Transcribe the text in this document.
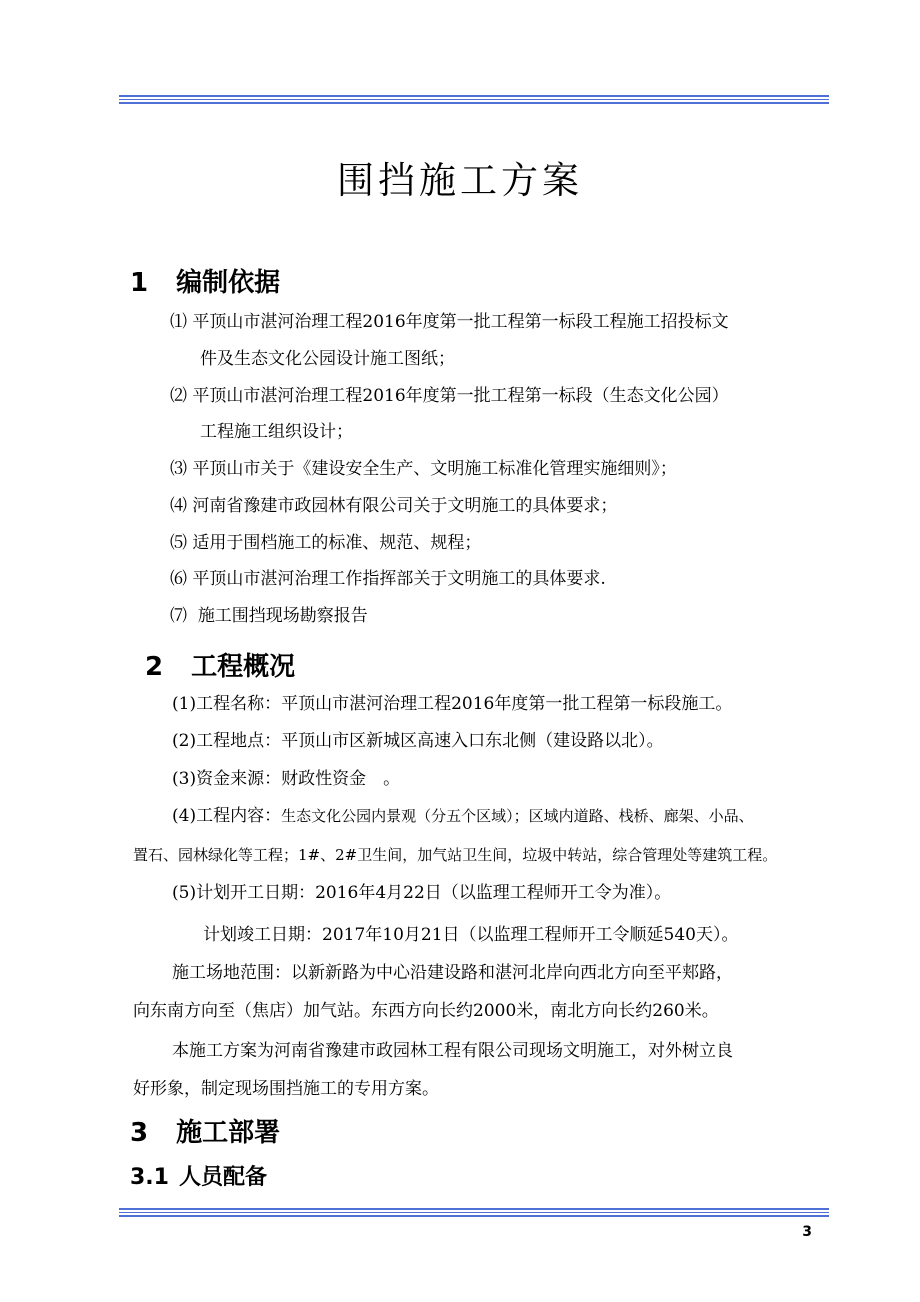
围挡施工方案
1 编制依据
⑴ 平顶山市湛河治理工程2016年度第一批工程第一标段工程施工招投标文
件及生态文化公园设计施工图纸；
⑵ 平顶山市湛河治理工程2016年度第一批工程第一标段（生态文化公园）
工程施工组织设计；
⑶ 平顶山市关于《建设安全生产、文明施工标准化管理实施细则》；
⑷ 河南省豫建市政园林有限公司关于文明施工的具体要求；
⑸ 适用于围档施工的标准、规范、规程；
⑹ 平顶山市湛河治理工作指挥部关于文明施工的具体要求.
⑺ 施工围挡现场勘察报告
2 工程概况
(1)工程名称：平顶山市湛河治理工程2016年度第一批工程第一标段施工。
(2)工程地点：平顶山市区新城区高速入口东北侧（建设路以北）。
(3)资金来源：财政性资金　。
(4)工程内容：生态文化公园内景观（分五个区域）；区域内道路、栈桥、廊架、小品、
置石、园林绿化等工程；1#、2#卫生间，加气站卫生间，垃圾中转站，综合管理处等建筑工程。
(5)计划开工日期：2016年4月22日（以监理工程师开工令为准）。
计划竣工日期：2017年10月21日（以监理工程师开工令顺延540天）。
施工场地范围：以新新路为中心沿建设路和湛河北岸向西北方向至平郏路，
向东南方向至（焦店）加气站。东西方向长约2000米，南北方向长约260米。
本施工方案为河南省豫建市政园林工程有限公司现场文明施工，对外树立良
好形象，制定现场围挡施工的专用方案。
3 施工部署
3.1 人员配备
3
